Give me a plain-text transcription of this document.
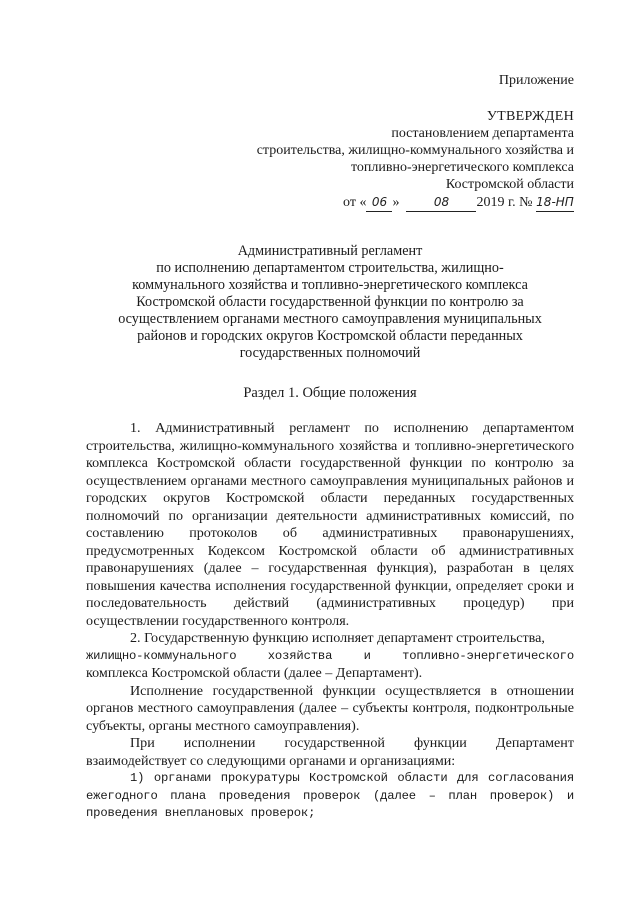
Приложение
УТВЕРЖДЕН
постановлением департамента
строительства, жилищно-коммунального хозяйства и
топливно-энергетического комплекса
Костромской области
от « 06 »	08 2019 г. № 18-НП
Административный регламент
по исполнению департаментом строительства, жилищно-
коммунального хозяйства и топливно-энергетического комплекса
Костромской области государственной функции по контролю за
осуществлением органами местного самоуправления муниципальных
районов и городских округов Костромской области переданных
государственных полномочий
Раздел 1. Общие положения

1. Административный регламент по исполнению департаментом строительства, жилищно-коммунального хозяйства и топливно-энергетического комплекса Костромской области государственной функции по контролю за осуществлением органами местного самоуправления муниципальных районов и городских округов Костромской области переданных государственных полномочий по организации деятельности административных комиссий, по составлению протоколов об административных правонарушениях, предусмотренных Кодексом Костромской области об административных правонарушениях (далее – государственная функция), разработан в целях повышения качества исполнения государственной функции, определяет сроки и последовательность действий (административных процедур) при осуществлении государственного контроля.

2. Государственную функцию исполняет департамент строительства,

жилищно-коммунального хозяйства и топливно-энергетического

комплекса Костромской области (далее – Департамент).

Исполнение государственной функции осуществляется в отношении органов местного самоуправления (далее – субъекты контроля, подконтрольные субъекты, органы местного самоуправления).

При исполнении государственной функции Департамент взаимодействует со следующими органами и организациями:

1) органами прокуратуры Костромской области для согласования ежегодного плана проведения проверок (далее – план проверок) и проведения внеплановых проверок;
